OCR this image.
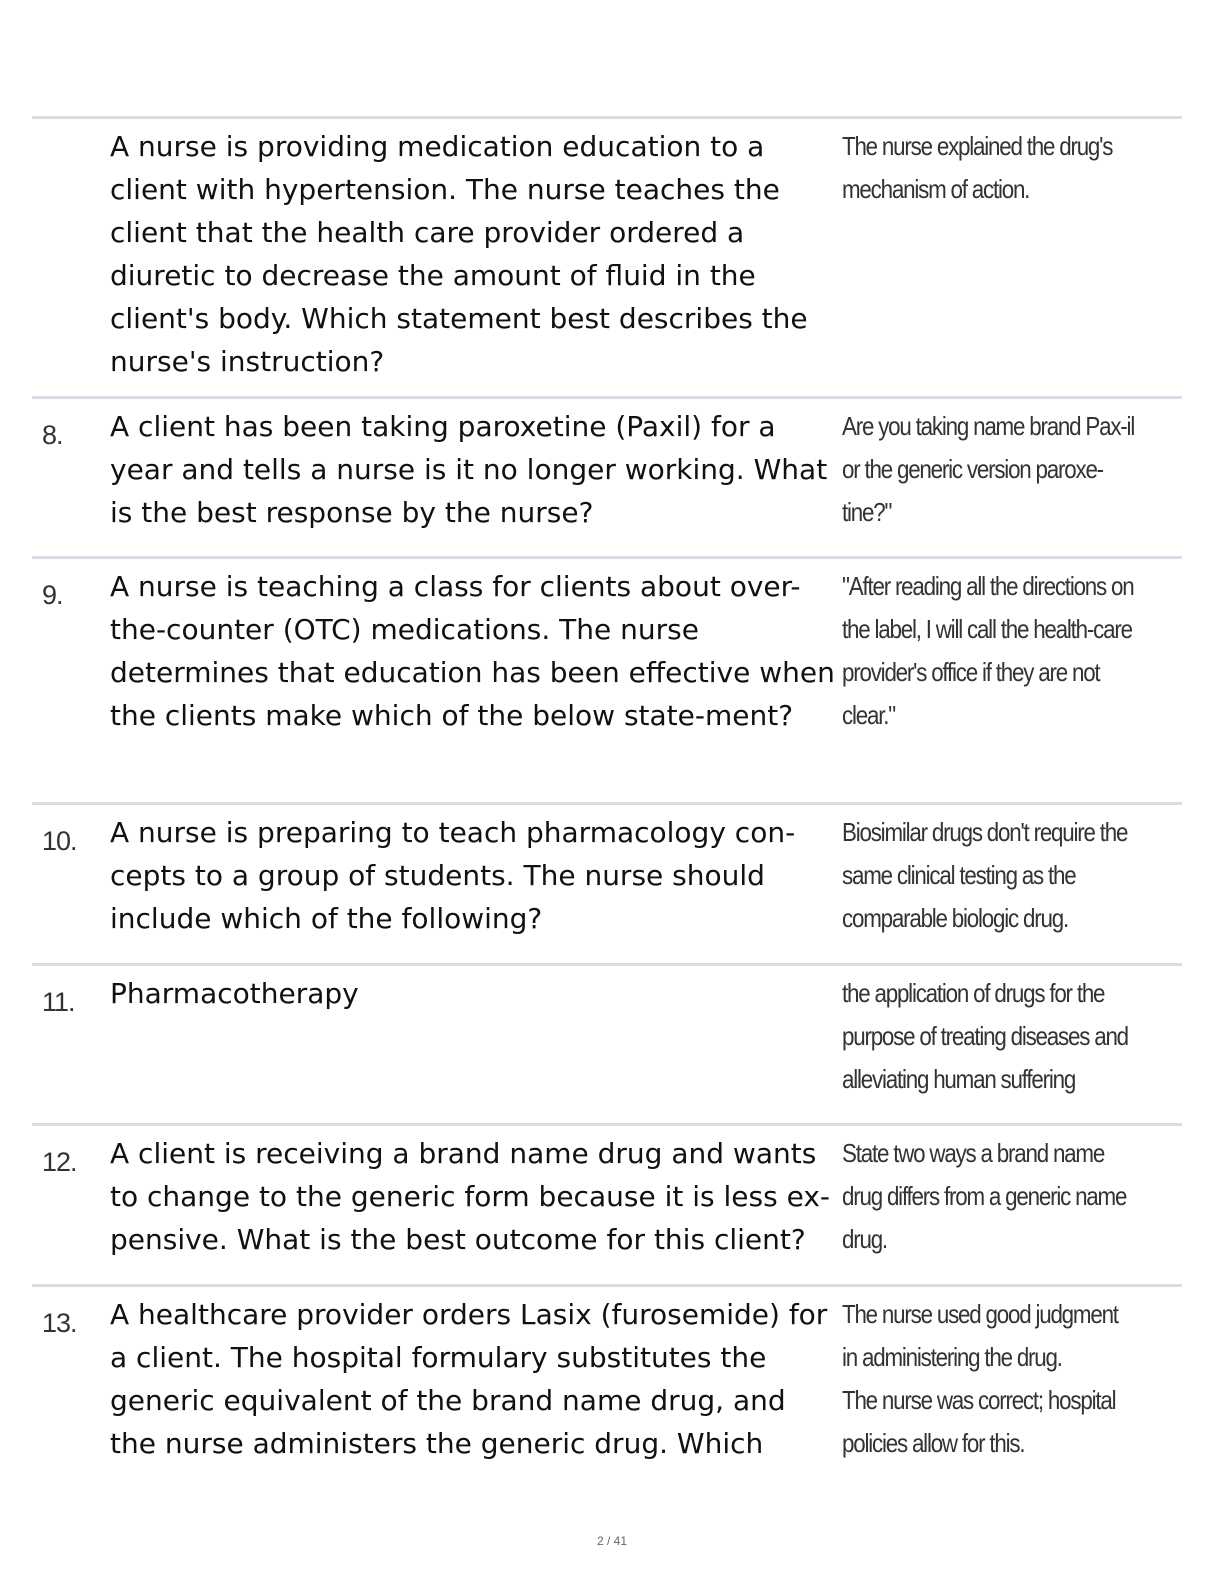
A nurse is providing medication education to a client with hypertension. The nurse teaches the client that the health care provider ordered a diuretic to decrease the amount of fluid in the client's body. Which statement best describes the nurse's instruction?
The nurse explained the drug's mechanism of action.
8. A client has been taking paroxetine (Paxil) for a year and tells a nurse is it no longer working. What is the best response by the nurse?
Are you taking name brand Pax-il or the generic version paroxe-tine?"
9. A nurse is teaching a class for clients about over-the-counter (OTC) medications. The nurse determines that education has been effective when the clients make which of the below state-ment?
"After reading all the directions on the label, I will call the health-care provider's office if they are not clear."
10. A nurse is preparing to teach pharmacology con-cepts to a group of students. The nurse should include which of the following?
Biosimilar drugs don't require the same clinical testing as the comparable biologic drug.
11. Pharmacotherapy	the application of drugs for the purpose of treating diseases and alleviating human suffering
12. A client is receiving a brand name drug and wants to change to the generic form because it is less ex-pensive. What is the best outcome for this client?
State two ways a brand name drug differs from a generic name drug.
13. A healthcare provider orders Lasix (furosemide) for a client. The hospital formulary substitutes the generic equivalent of the brand name drug, and the nurse administers the generic drug. Which
The nurse used good judgment in administering the drug.
The nurse was correct; hospital policies allow for this.
2 / 41
